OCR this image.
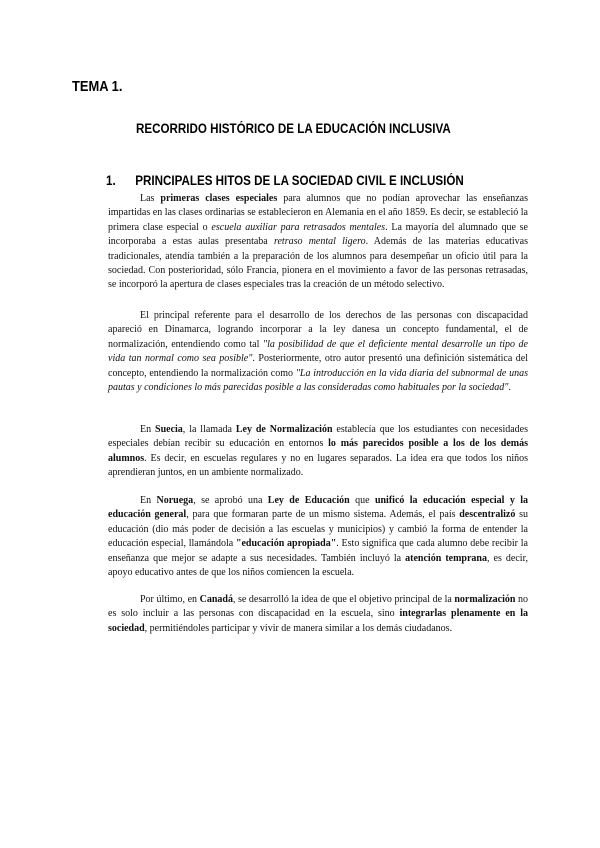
TEMA 1.
RECORRIDO HISTÓRICO DE LA EDUCACIÓN INCLUSIVA
1. PRINCIPALES HITOS DE LA SOCIEDAD CIVIL E INCLUSIÓN

Las primeras clases especiales para alumnos que no podían aprovechar las enseñanzas impartidas en las clases ordinarias se establecieron en Alemania en el año 1859. Es decir, se estableció la primera clase especial o escuela auxiliar para retrasados mentales. La mayoría del alumnado que se incorporaba a estas aulas presentaba retraso mental ligero. Además de las materias educativas tradicionales, atendía también a la preparación de los alumnos para desempeñar un oficio útil para la sociedad. Con posterioridad, sólo Francia, pionera en el movimiento a favor de las personas retrasadas, se incorporó la apertura de clases especiales tras la creación de un método selectivo.

El principal referente para el desarrollo de los derechos de las personas con discapacidad apareció en Dinamarca, logrando incorporar a la ley danesa un concepto fundamental, el de normalización, entendiendo como tal "la posibilidad de que el deficiente mental desarrolle un tipo de vida tan normal como sea posible". Posteriormente, otro autor presentó una definición sistemática del concepto, entendiendo la normalización como "La introducción en la vida diaria del subnormal de unas pautas y condiciones lo más parecidas posible a las consideradas como habituales por la sociedad".

En Suecia, la llamada Ley de Normalización establecía que los estudiantes con necesidades especiales debían recibir su educación en entornos lo más parecidos posible a los de los demás alumnos. Es decir, en escuelas regulares y no en lugares separados. La idea era que todos los niños aprendieran juntos, en un ambiente normalizado.

En Noruega, se aprobó una Ley de Educación que unificó la educación especial y la educación general, para que formaran parte de un mismo sistema. Además, el país descentralizó su educación (dio más poder de decisión a las escuelas y municipios) y cambió la forma de entender la educación especial, llamándola "educación apropiada". Esto significa que cada alumno debe recibir la enseñanza que mejor se adapte a sus necesidades. También incluyó la atención temprana, es decir, apoyo educativo antes de que los niños comiencen la escuela.

Por último, en Canadá, se desarrolló la idea de que el objetivo principal de la normalización no es solo incluir a las personas con discapacidad en la escuela, sino integrarlas plenamente en la sociedad, permitiéndoles participar y vivir de manera similar a los demás ciudadanos.
